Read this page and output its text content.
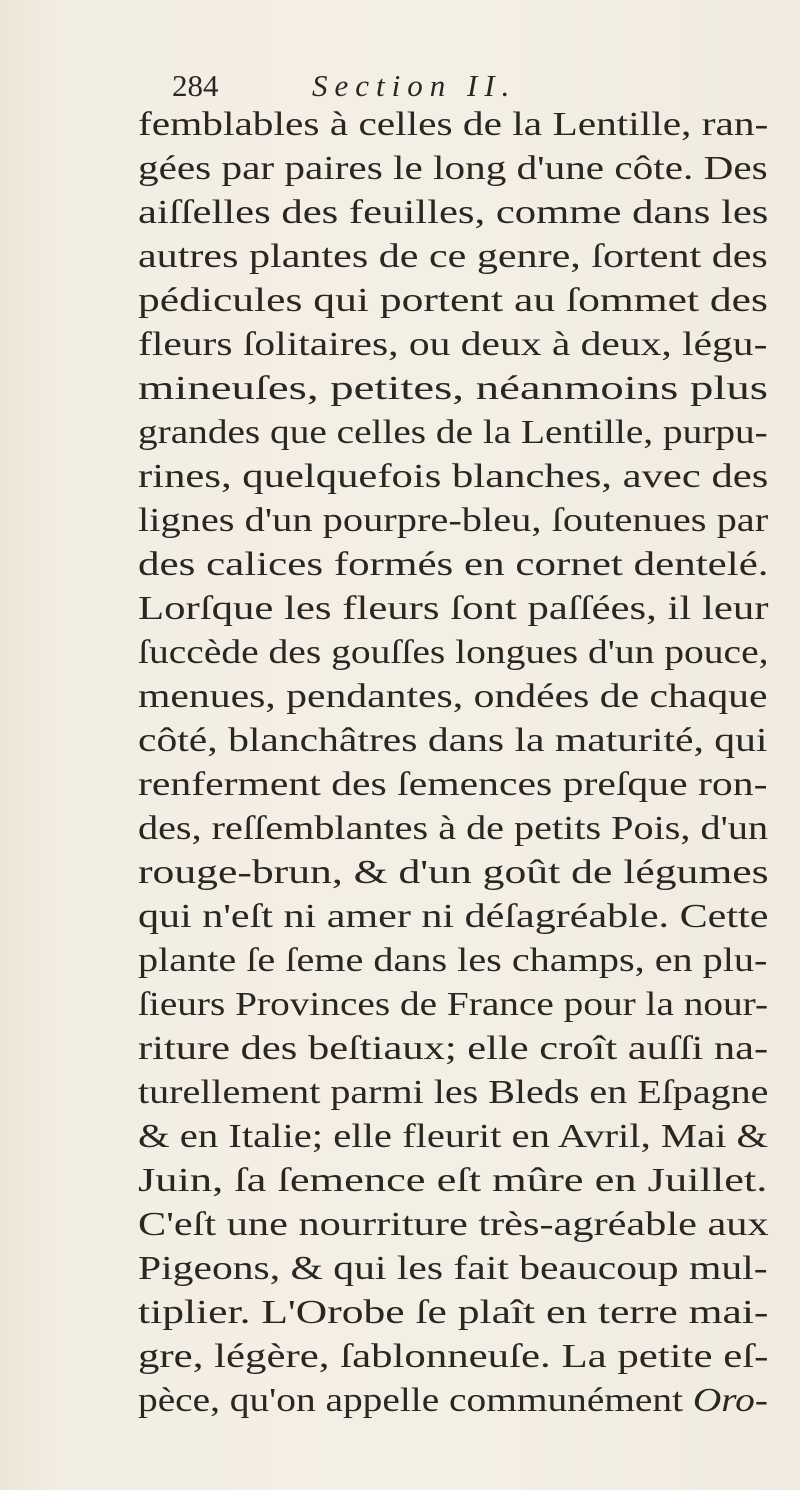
284	Section II.
femblables à celles de la Lentille, ran-
gées par paires le long d'une côte. Des
aiſſelles des feuilles, comme dans les
autres plantes de ce genre, ſortent des
pédicules qui portent au ſommet des
fleurs ſolitaires, ou deux à deux, légu-
mineuſes, petites, néanmoins plus
grandes que celles de la Lentille, purpu-
rines, quelquefois blanches, avec des
lignes d'un pourpre-bleu, ſoutenues par
des calices formés en cornet dentelé.
Lorſque les fleurs ſont paſſées, il leur
ſuccède des gouſſes longues d'un pouce,
menues, pendantes, ondées de chaque
côté, blanchâtres dans la maturité, qui
renferment des ſemences preſque ron-
des, reſſemblantes à de petits Pois, d'un
rouge-brun, & d'un goût de légumes
qui n'eſt ni amer ni déſagréable. Cette
plante ſe ſeme dans les champs, en plu-
ſieurs Provinces de France pour la nour-
riture des beſtiaux; elle croît auſſi na-
turellement parmi les Bleds en Eſpagne
& en Italie; elle fleurit en Avril, Mai &
Juin, ſa ſemence eſt mûre en Juillet.
C'eſt une nourriture très-agréable aux
Pigeons, & qui les fait beaucoup mul-
tiplier. L'Orobe ſe plaît en terre mai-
gre, légère, ſablonneuſe. La petite eſ-
pèce, qu'on appelle communément Oro-
